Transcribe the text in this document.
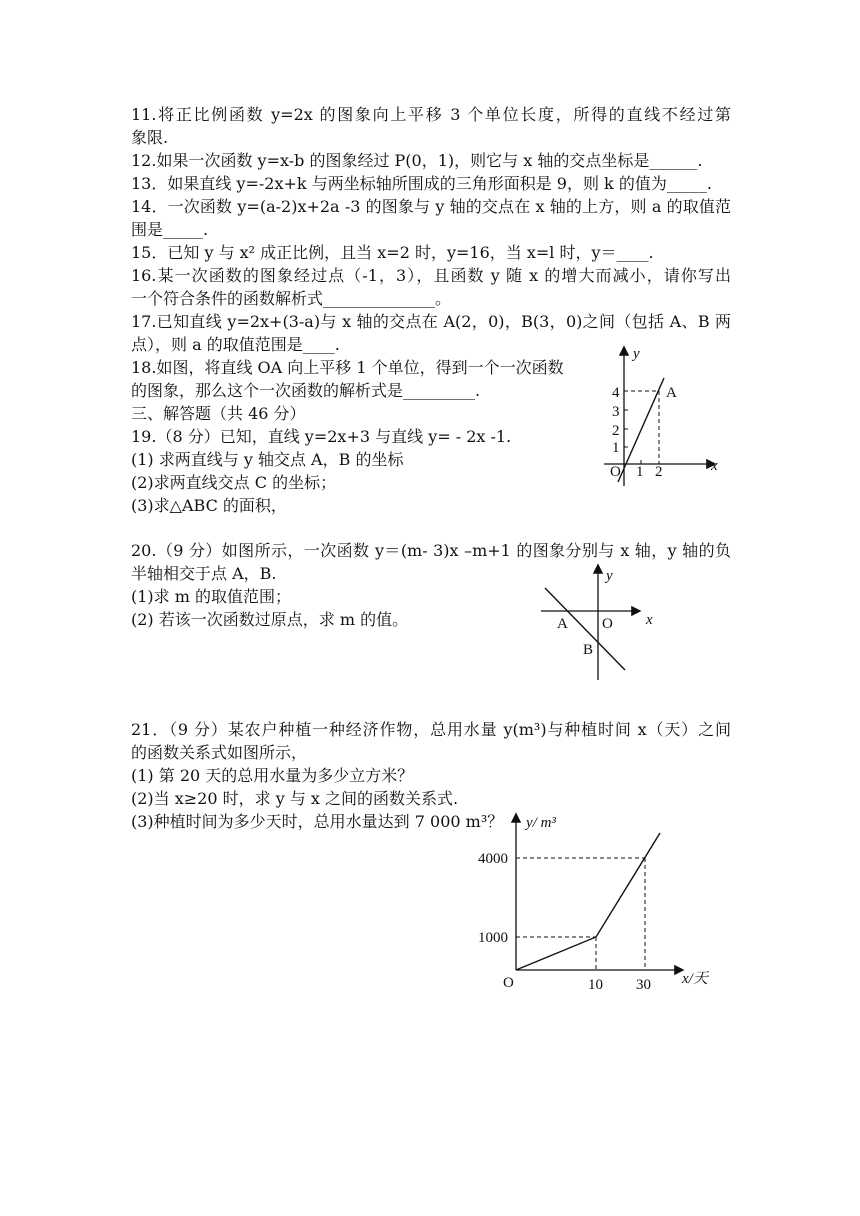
11.将正比例函数 y=2x 的图象向上平移 3 个单位长度，所得的直线不经过第
象限.
12.如果一次函数 y=x-b 的图象经过 P(0，1)，则它与 x 轴的交点坐标是______.
13．如果直线 y=-2x+k 与两坐标轴所围成的三角形面积是 9，则 k 的值为_____.
14．一次函数 y=(a-2)x+2a -3 的图象与 y 轴的交点在 x 轴的上方，则 a 的取值范
围是_____.
15．已知 y 与 x² 成正比例，且当 x=2 时，y=16，当 x=l 时，y＝____.
16.某一次函数的图象经过点（-1，3），且函数 y 随 x 的增大而减小，请你写出
一个符合条件的函数解析式______________。
17.已知直线 y=2x+(3-a)与 x 轴的交点在 A(2，0)，B(3，0)之间（包括 A、B 两
点），则 a 的取值范围是____.
18.如图，将直线 OA 向上平移 1 个单位，得到一个一次函数
的图象，那么这个一次函数的解析式是_________.
三、解答题（共 46 分）
19.（8 分）已知，直线 y=2x+3 与直线 y= - 2x -1.
(1) 求两直线与 y 轴交点 A，B 的坐标
(2)求两直线交点 C 的坐标；
(3)求△ABC 的面积，
20.（9 分）如图所示，一次函数 y＝(m- 3)x –m+1 的图象分别与 x 轴，y 轴的负
半轴相交于点 A，B.
(1)求 m 的取值范围；
(2) 若该一次函数过原点，求 m 的值。
21．（9 分）某农户种植一种经济作物，总用水量 y(m³)与种植时间 x（天）之间
的函数关系式如图所示，
(1) 第 20 天的总用水量为多少立方米？
(2)当 x≥20 时，求 y 与 x 之间的函数关系式.
(3)种植时间为多少天时，总用水量达到 7 000 m³？
y
A
4
3
2
1
O 1 2	x
y
x
A O
B
y/ m³
4000
1000
O	10 30 x/天
